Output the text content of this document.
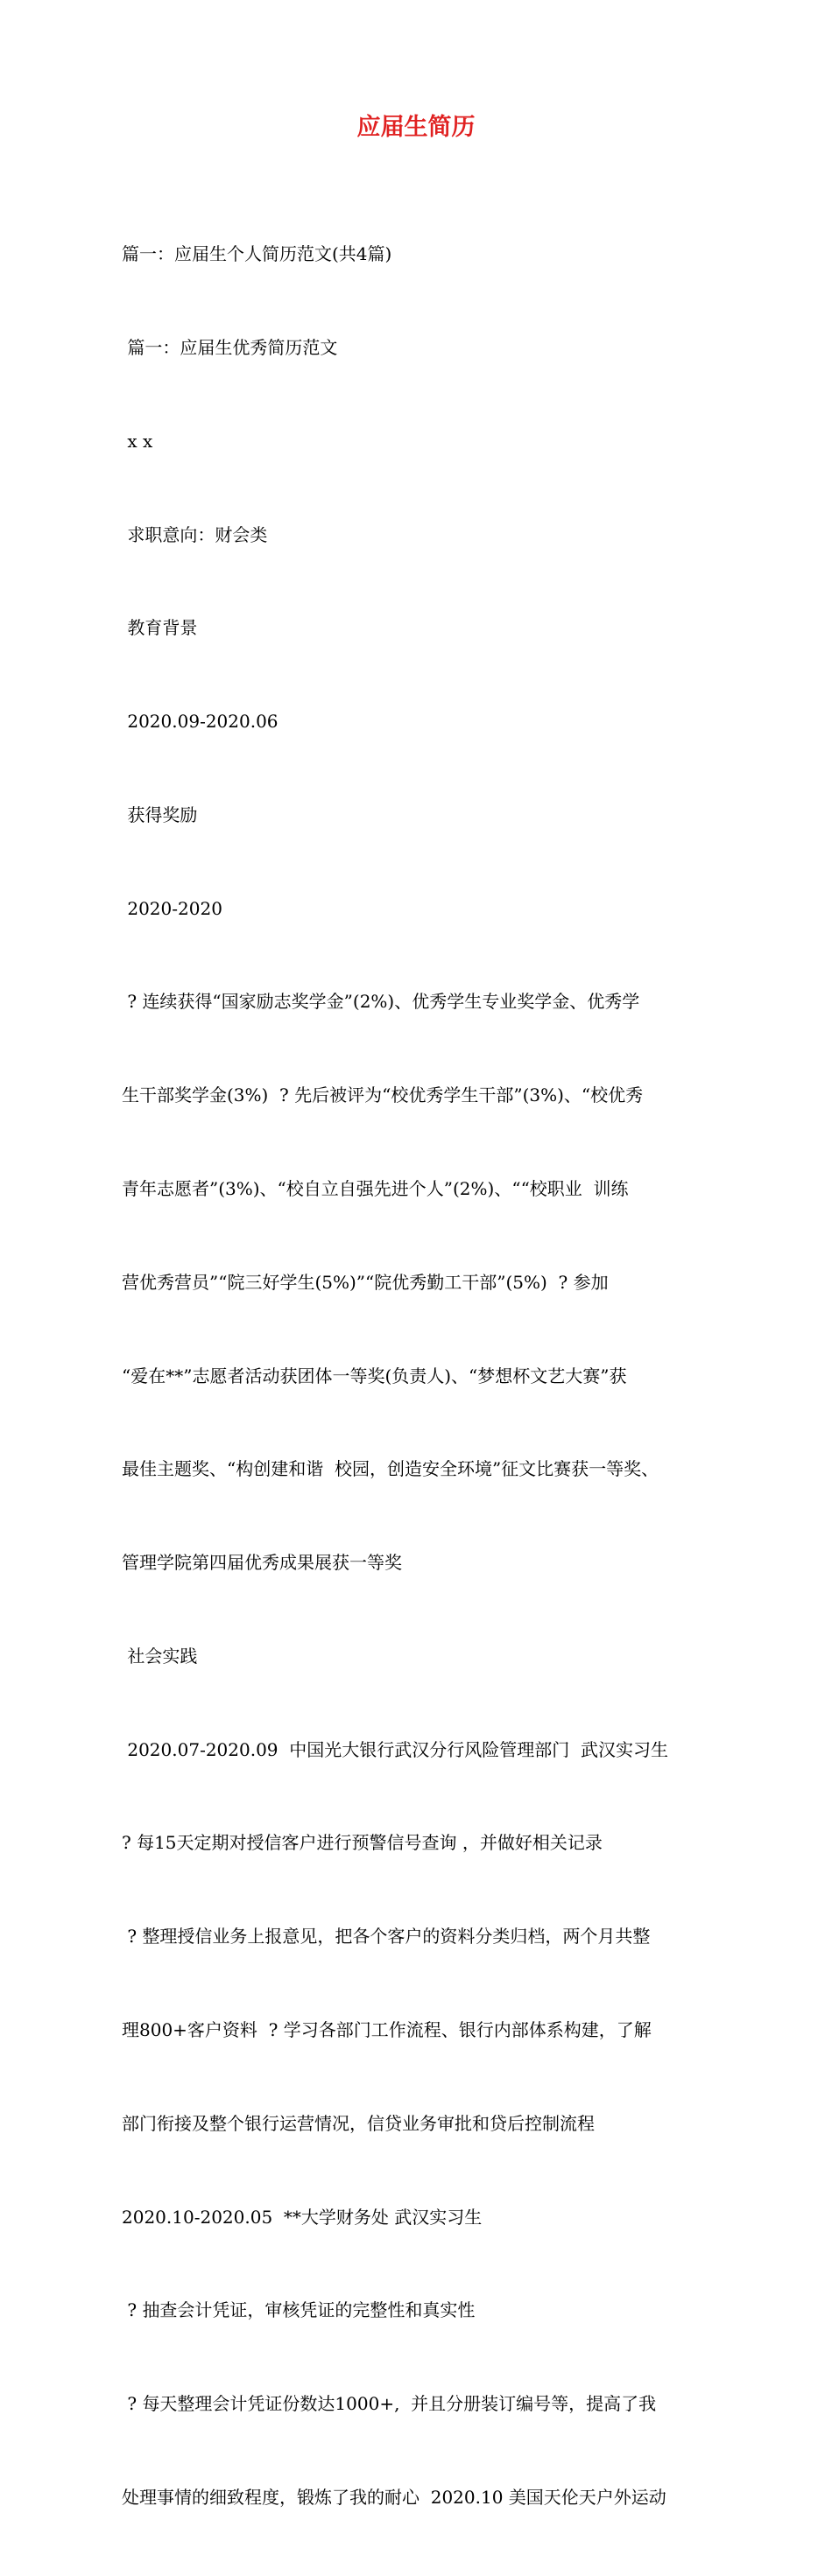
应届生简历

篇一：应届生个人简历范文(共4篇)

篇一：应届生优秀简历范文

x x

求职意向：财会类

教育背景

2020.09-2020.06

获得奖励

2020-2020

? 连续获得“国家励志奖学金”(2%)、优秀学生专业奖学金、优秀学

生干部奖学金(3%)  ? 先后被评为“校优秀学生干部”(3%)、“校优秀

青年志愿者”(3%)、“校自立自强先进个人”(2%)、““校职业  训练

营优秀营员”“院三好学生(5%)”“院优秀勤工干部”(5%)  ? 参加

“爱在**”志愿者活动获团体一等奖(负责人)、“梦想杯文艺大赛”获

最佳主题奖、“构创建和谐  校园，创造安全环境”征文比赛获一等奖、

管理学院第四届优秀成果展获一等奖

社会实践

2020.07-2020.09  中国光大银行武汉分行风险管理部门  武汉实习生

? 每15天定期对授信客户进行预警信号查询 ，并做好相关记录

? 整理授信业务上报意见，把各个客户的资料分类归档，两个月共整

理800+客户资料  ? 学习各部门工作流程、银行内部体系构建，了解

部门衔接及整个银行运营情况，信贷业务审批和贷后控制流程

2020.10-2020.05  **大学财务处 武汉实习生

? 抽查会计凭证，审核凭证的完整性和真实性

? 每天整理会计凭证份数达1000+,  并且分册装订编号等，提高了我

处理事情的细致程度，锻炼了我的耐心  2020.10 美国天伦天户外运动
